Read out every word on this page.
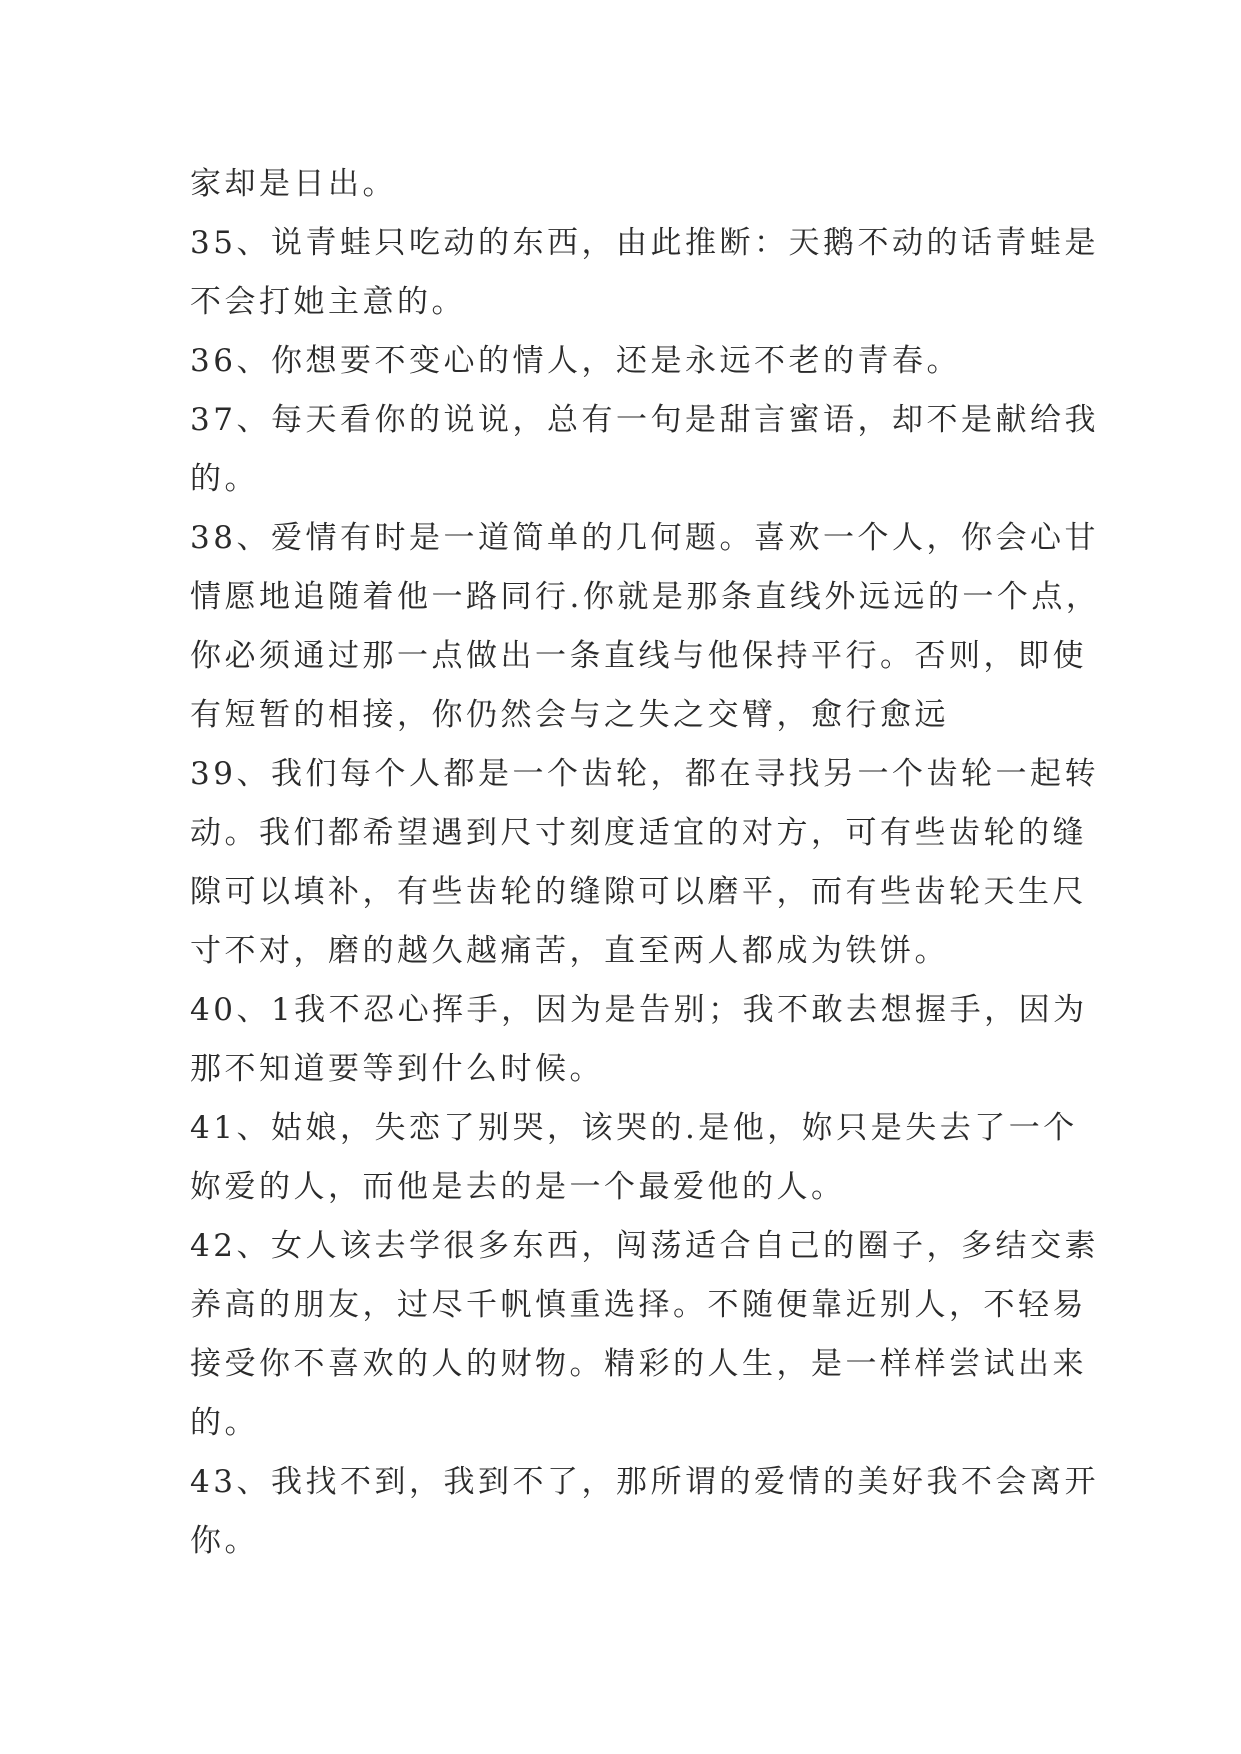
家却是日出。
35、说青蛙只吃动的东西，由此推断：天鹅不动的话青蛙是
不会打她主意的。
36、你想要不变心的情人，还是永远不老的青春。
37、每天看你的说说，总有一句是甜言蜜语，却不是献给我
的。
38、爱情有时是一道简单的几何题。喜欢一个人，你会心甘
情愿地追随着他一路同行.你就是那条直线外远远的一个点，
你必须通过那一点做出一条直线与他保持平行。否则，即使
有短暂的相接，你仍然会与之失之交臂，愈行愈远
39、我们每个人都是一个齿轮，都在寻找另一个齿轮一起转
动。我们都希望遇到尺寸刻度适宜的对方，可有些齿轮的缝
隙可以填补，有些齿轮的缝隙可以磨平，而有些齿轮天生尺
寸不对，磨的越久越痛苦，直至两人都成为铁饼。
40、1我不忍心挥手，因为是告别；我不敢去想握手，因为
那不知道要等到什么时候。
41、姑娘，失恋了别哭，该哭的.是他，妳只是失去了一个
妳爱的人，而他是去的是一个最爱他的人。
42、女人该去学很多东西，闯荡适合自己的圈子，多结交素
养高的朋友，过尽千帆慎重选择。不随便靠近别人，不轻易
接受你不喜欢的人的财物。精彩的人生，是一样样尝试出来
的。
43、我找不到，我到不了，那所谓的爱情的美好我不会离开
你。
